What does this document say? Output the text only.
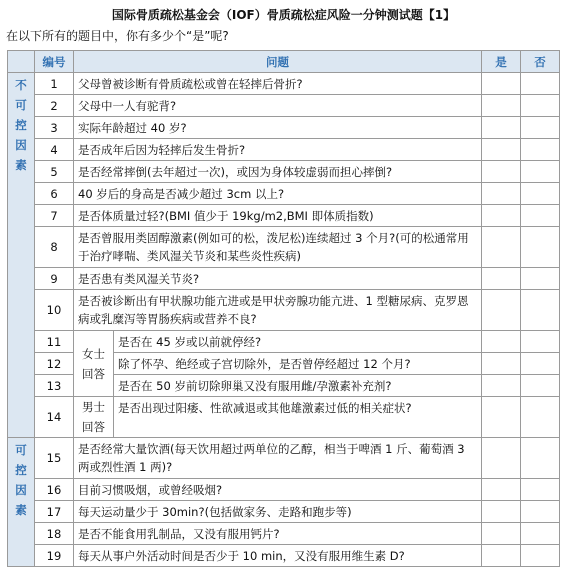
国际骨质疏松基金会（IOF）骨质疏松症风险一分钟测试题【1】
在以下所有的题目中，你有多少个“是”呢?
	编号	问题		是	否
不
可
控
因
素	1	父母曾被诊断有骨质疏松或曾在轻摔后骨折?			
	2	父母中一人有驼背?			
	3	实际年龄超过 40 岁?			
	4	是否成年后因为轻摔后发生骨折?			
	5	是否经常摔倒(去年超过一次)，或因为身体较虚弱而担心摔倒?			
	6	40 岁后的身高是否减少超过 3cm 以上?			
	7	是否体质量过轻?(BMI 值少于 19kg/m2,BMI 即体质指数)			
	8	是否曾服用类固醇激素(例如可的松，泼尼松)连续超过 3 个月?(可的松通常用于治疗哮喘、类风湿关节炎和某些炎性疾病)			
	9	是否患有类风湿关节炎?			
	10	是否被诊断出有甲状腺功能亢进或是甲状旁腺功能亢进、1 型糖尿病、克罗恩病或乳糜泻等胃肠疾病或营养不良?			
	11	女士
回答	是否在 45 岁或以前就停经?		
	12		除了怀孕、绝经或子宫切除外，是否曾停经超过 12 个月?		
	13		是否在 50 岁前切除卵巢又没有服用雌/孕激素补充剂?		
	14	男士
回答	是否出现过阳痿、性欲减退或其他雄激素过低的相关症状?		
可
控
因
素	15	是否经常大量饮酒(每天饮用超过两单位的乙醇，相当于啤酒 1 斤、葡萄酒 3 两或烈性酒 1 两)?			
	16	目前习惯吸烟，或曾经吸烟?			
	17	每天运动量少于 30min?(包括做家务、走路和跑步等)			
	18	是否不能食用乳制品，又没有服用钙片?			
	19	每天从事户外活动时间是否少于 10 min，又没有服用维生素 D?			
